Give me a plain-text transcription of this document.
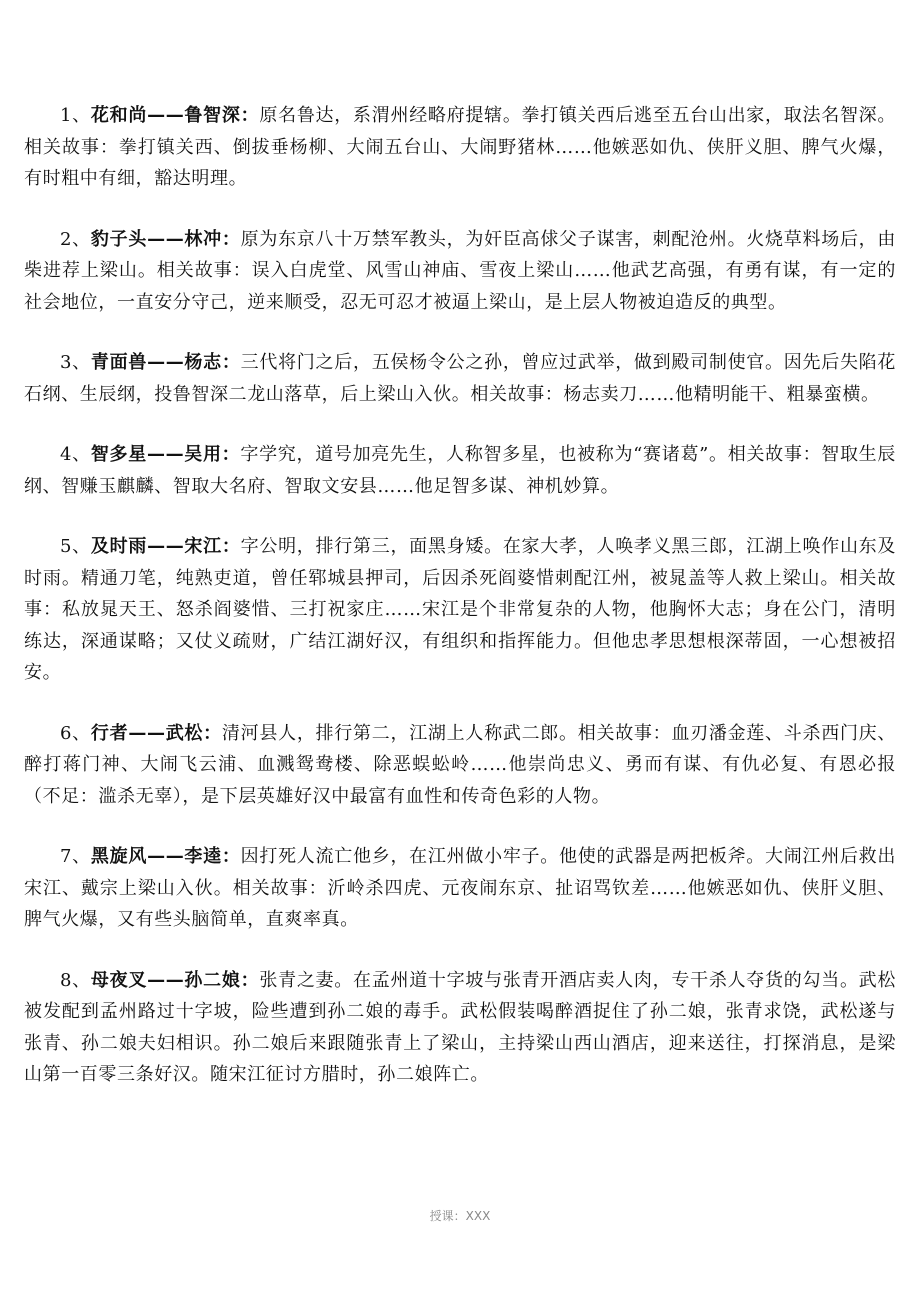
1、花和尚——鲁智深：原名鲁达，系渭州经略府提辖。拳打镇关西后逃至五台山出家，取法名智深。相关故事：拳打镇关西、倒拔垂杨柳、大闹五台山、大闹野猪林……他嫉恶如仇、侠肝义胆、脾气火爆，有时粗中有细，豁达明理。

2、豹子头——林冲：原为东京八十万禁军教头，为奸臣高俅父子谋害，刺配沧州。火烧草料场后，由柴进荐上梁山。相关故事：误入白虎堂、风雪山神庙、雪夜上梁山……他武艺高强，有勇有谋，有一定的社会地位，一直安分守己，逆来顺受，忍无可忍才被逼上梁山，是上层人物被迫造反的典型。

3、青面兽——杨志：三代将门之后，五侯杨令公之孙，曾应过武举，做到殿司制使官。因先后失陷花石纲、生辰纲，投鲁智深二龙山落草，后上梁山入伙。相关故事：杨志卖刀……他精明能干、粗暴蛮横。

4、智多星——吴用：字学究，道号加亮先生，人称智多星，也被称为“赛诸葛”。相关故事：智取生辰纲、智赚玉麒麟、智取大名府、智取文安县……他足智多谋、神机妙算。

5、及时雨——宋江：字公明，排行第三，面黑身矮。在家大孝，人唤孝义黑三郎，江湖上唤作山东及时雨。精通刀笔，纯熟吏道，曾任郓城县押司，后因杀死阎婆惜刺配江州，被晁盖等人救上梁山。相关故事：私放晁天王、怒杀阎婆惜、三打祝家庄……宋江是个非常复杂的人物，他胸怀大志；身在公门，清明练达，深通谋略；又仗义疏财，广结江湖好汉，有组织和指挥能力。但他忠孝思想根深蒂固，一心想被招安。

6、行者——武松：清河县人，排行第二，江湖上人称武二郎。相关故事：血刃潘金莲、斗杀西门庆、醉打蒋门神、大闹飞云浦、血溅鸳鸯楼、除恶蜈蚣岭……他崇尚忠义、勇而有谋、有仇必复、有恩必报（不足：滥杀无辜），是下层英雄好汉中最富有血性和传奇色彩的人物。

7、黑旋风——李逵：因打死人流亡他乡，在江州做小牢子。他使的武器是两把板斧。大闹江州后救出宋江、戴宗上梁山入伙。相关故事：沂岭杀四虎、元夜闹东京、扯诏骂钦差……他嫉恶如仇、侠肝义胆、脾气火爆，又有些头脑简单，直爽率真。

8、母夜叉——孙二娘：张青之妻。在孟州道十字坡与张青开酒店卖人肉，专干杀人夺货的勾当。武松被发配到孟州路过十字坡，险些遭到孙二娘的毒手。武松假装喝醉酒捉住了孙二娘，张青求饶，武松遂与张青、孙二娘夫妇相识。孙二娘后来跟随张青上了梁山，主持梁山西山酒店，迎来送往，打探消息，是梁山第一百零三条好汉。随宋江征讨方腊时，孙二娘阵亡。

授课：XXX
